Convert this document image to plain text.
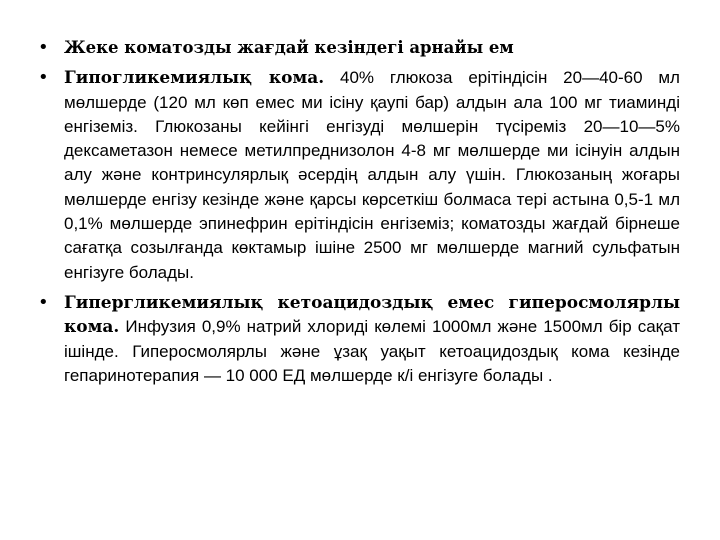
• Жеке коматозды жағдай кезіндегі арнайы ем
• Гипогликемиялық кома. 40% глюкоза ерітіндісін 20—40-60 мл мөлшерде (120 мл көп емес ми ісіну қаупі бар) алдын ала 100 мг тиаминді енгіземіз. Глюкозаны кейінгі енгізуді мөлшерін түсіреміз 20—10—5% дексаметазон немесе метилпреднизолон 4-8 мг мөлшерде ми ісінуін алдын алу және контринсулярлық әсердің алдын алу үшін. Глюкозаның жоғары мөлшерде енгізу кезінде және қарсы көрсеткіш болмаса тері астына 0,5-1 мл 0,1% мөлшерде эпинефрин ерітіндісін енгіземіз; коматозды жағдай бірнеше сағатқа созылғанда көктамыр ішіне 2500 мг мөлшерде магний сульфатын енгізуге болады.
• Гипергликемиялық кетоацидоздық емес гиперосмолярлы кома. Инфузия 0,9% натрий хлориді көлемі 1000мл және 1500мл бір сақат ішінде. Гиперосмолярлы және ұзақ уақыт кетоацидоздық кома кезінде гепаринотерапия — 10 000 ЕД мөлшерде к/і енгізуге болады .
